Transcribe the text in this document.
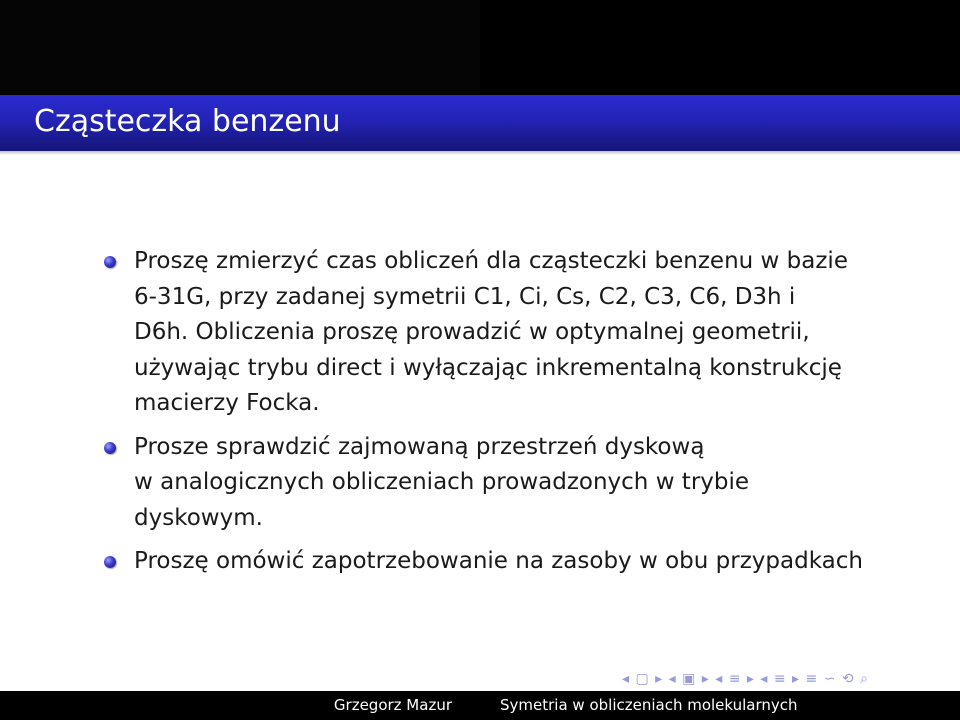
Cząsteczka benzenu
Proszę zmierzyć czas obliczeń dla cząsteczki benzenu w bazie
6-31G, przy zadanej symetrii C1, Ci, Cs, C2, C3, C6, D3h i
D6h. Obliczenia proszę prowadzić w optymalnej geometrii,
używając trybu direct i wyłączając inkrementalną konstrukcję
macierzy Focka.
Prosze sprawdzić zajmowaną przestrzeń dyskową
w analogicznych obliczeniach prowadzonych w trybie
dyskowym.
Proszę omówić zapotrzebowanie na zasoby w obu przypadkach
◂ ▢ ▸ ◂ ▣ ▸ ◂ ≡ ▸ ◂ ≡ ▸ ≡ ∽ ⟲ ⌕
Grzegorz Mazur	Symetria w obliczeniach molekularnych
